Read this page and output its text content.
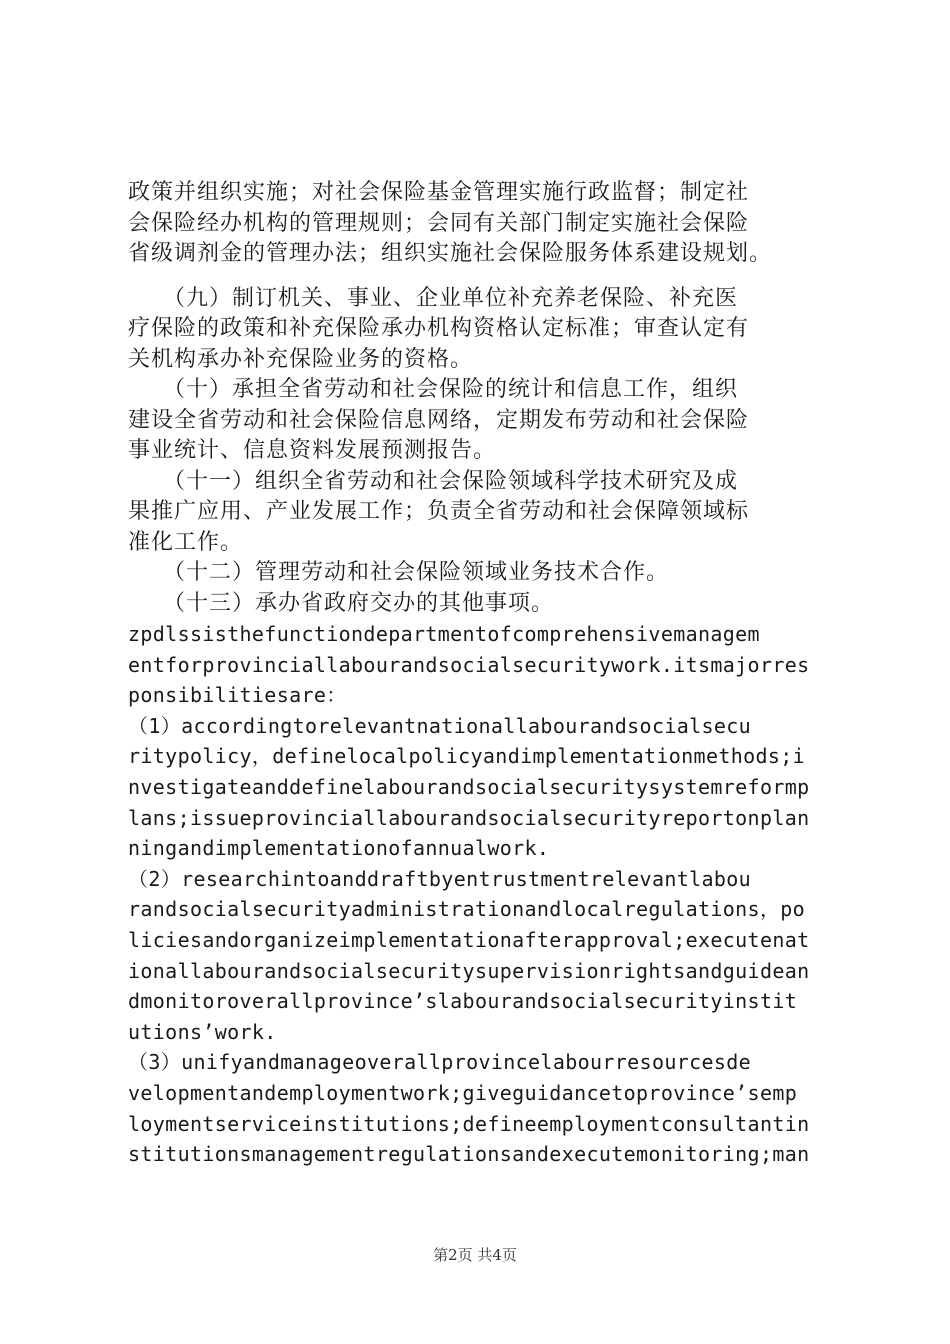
政策并组织实施；对社会保险基金管理实施行政监督；制定社
会保险经办机构的管理规则；会同有关部门制定实施社会保险
省级调剂金的管理办法；组织实施社会保险服务体系建设规划。

　　（九）制订机关、事业、企业单位补充养老保险、补充医
疗保险的政策和补充保险承办机构资格认定标准；审查认定有
关机构承办补充保险业务的资格。

　　（十）承担全省劳动和社会保险的统计和信息工作，组织
建设全省劳动和社会保险信息网络，定期发布劳动和社会保险
事业统计、信息资料发展预测报告。

　　（十一）组织全省劳动和社会保险领域科学技术研究及成
果推广应用、产业发展工作；负责全省劳动和社会保障领域标
准化工作。

　　（十二）管理劳动和社会保险领域业务技术合作。

　　（十三）承办省政府交办的其他事项。

zpdlssisthefunctiondepartmentofcomprehensivemanagem
entforprovinciallabourandsocialsecuritywork.itsmajorres
ponsibilitiesare：

（1）accordingtorelevantnationallabourandsocialsecu
ritypolicy，definelocalpolicyandimplementationmethods;i
nvestigateanddefinelabourandsocialsecuritysystemreformp
lans;issueprovinciallabourandsocialsecurityreportonplan
ningandimplementationofannualwork.

（2）researchintoanddraftbyentrustmentrelevantlabou
randsocialsecurityadministrationandlocalregulations，po
liciesandorganizeimplementationafterapproval;executenat
ionallabourandsocialsecuritysupervisionrightsandguidean
dmonitoroverallprovince’slabourandsocialsecurityinstit
utions’work.

（3）unifyandmanageoverallprovincelabourresourcesde
velopmentandemploymentwork;giveguidancetoprovince’semp
loymentserviceinstitutions;defineemploymentconsultantin
stitutionsmanagementregulationsandexecutemonitoring;man

第2页 共4页
